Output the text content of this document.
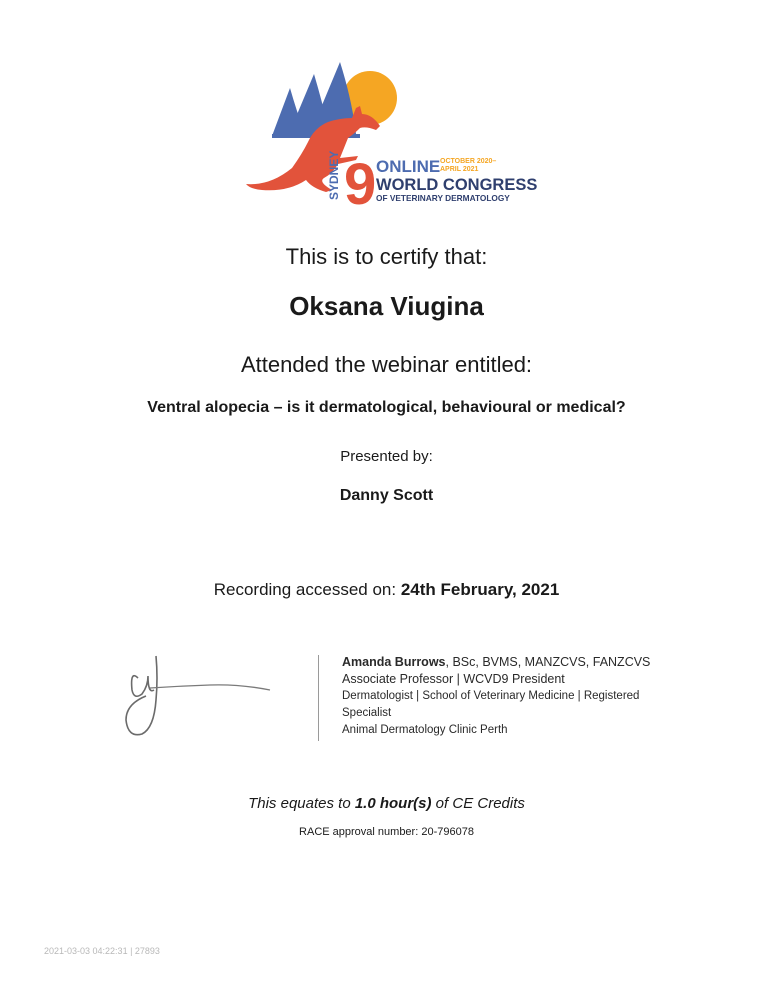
SYDNEY 9 ONLINE OCTOBER 2020–
APRIL 2021
WORLD CONGRESS
OF VETERINARY DERMATOLOGY
This is to certify that:
Oksana Viugina
Attended the webinar entitled:
Ventral alopecia – is it dermatological, behavioural or medical?
Presented by:
Danny Scott
Recording accessed on: 24th February, 2021
Amanda Burrows, BSc, BVMS, MANZCVS, FANZCVS
Associate Professor | WCVD9 President
Dermatologist | School of Veterinary Medicine | Registered
Specialist
Animal Dermatology Clinic Perth
This equates to 1.0 hour(s) of CE Credits
RACE approval number: 20-796078
2021-03-03 04:22:31 | 27893
